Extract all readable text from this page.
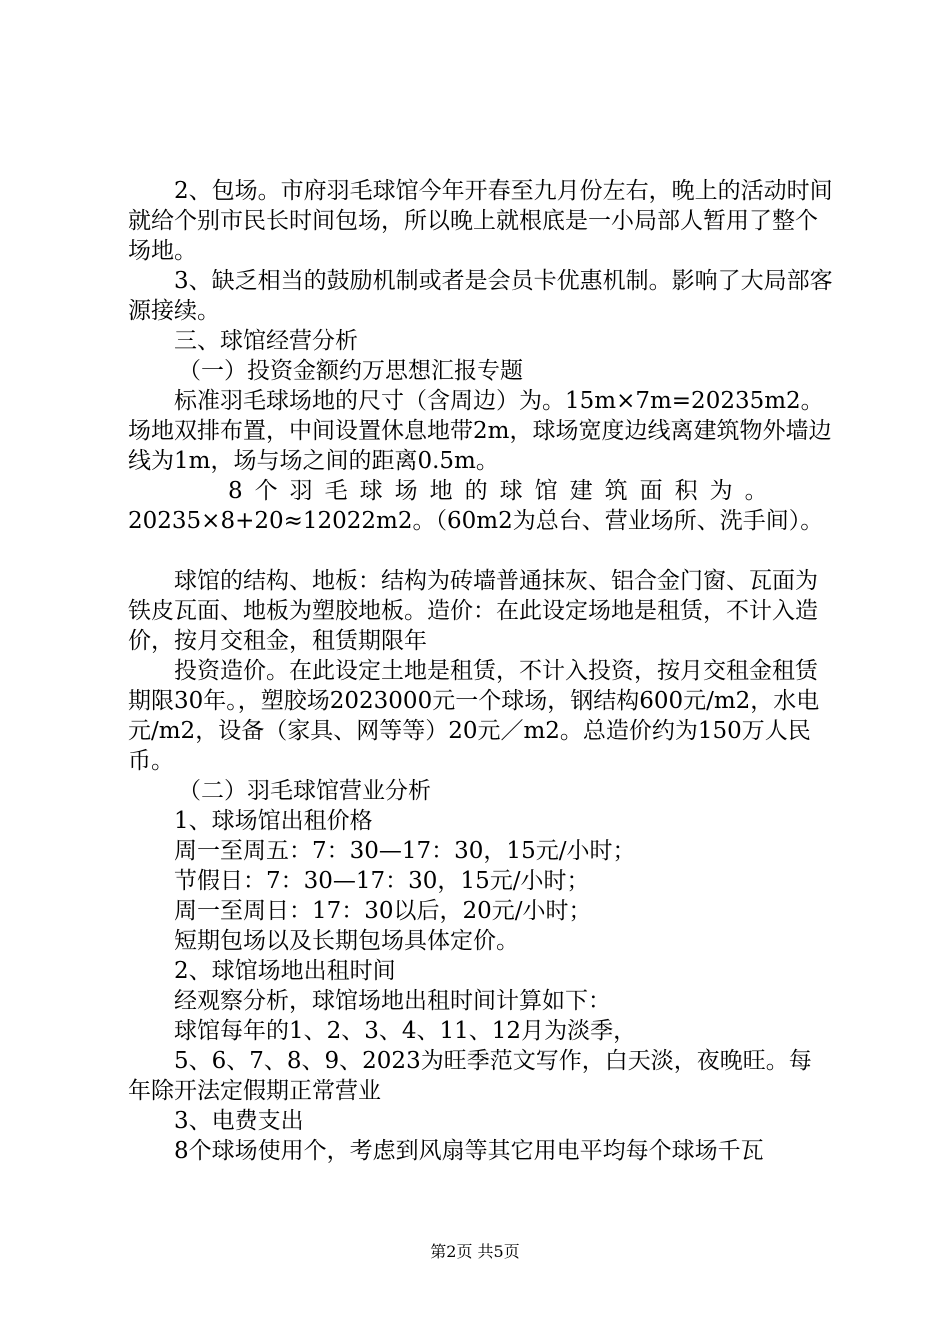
2、包场。市府羽毛球馆今年开春至九月份左右，晚上的活动时间就给个别市民长时间包场，所以晚上就根底是一小局部人暂用了整个场地。

3、缺乏相当的鼓励机制或者是会员卡优惠机制。影响了大局部客源接续。

三、球馆经营分析

（一）投资金额约万思想汇报专题

标准羽毛球场地的尺寸（含周边）为。15m×7m=20235m2。场地双排布置，中间设置休息地带2m，球场宽度边线离建筑物外墙边线为1m，场与场之间的距离0.5m。

8个羽毛球场地的球馆建筑面积为。

20235×8+20≈12022m2。（60m2为总台、营业场所、洗手间）。

球馆的结构、地板：结构为砖墙普通抹灰、铝合金门窗、瓦面为铁皮瓦面、地板为塑胶地板。造价：在此设定场地是租赁，不计入造价，按月交租金，租赁期限年

投资造价。在此设定土地是租赁，不计入投资，按月交租金租赁期限30年。，塑胶场2023000元一个球场，钢结构600元/m2，水电元/m2，设备（家具、网等等）20元／m2。总造价约为150万人民币。

（二）羽毛球馆营业分析

1、球场馆出租价格

周一至周五：7：30—17：30，15元/小时；

节假日：7：30—17：30，15元/小时；

周一至周日：17：30以后，20元/小时；

短期包场以及长期包场具体定价。

2、球馆场地出租时间

经观察分析，球馆场地出租时间计算如下：

球馆每年的1、2、3、4、11、12月为淡季，

5、6、7、8、9、2023为旺季范文写作，白天淡，夜晚旺。每年除开法定假期正常营业

3、电费支出

8个球场使用个，考虑到风扇等其它用电平均每个球场千瓦

第2页 共5页
